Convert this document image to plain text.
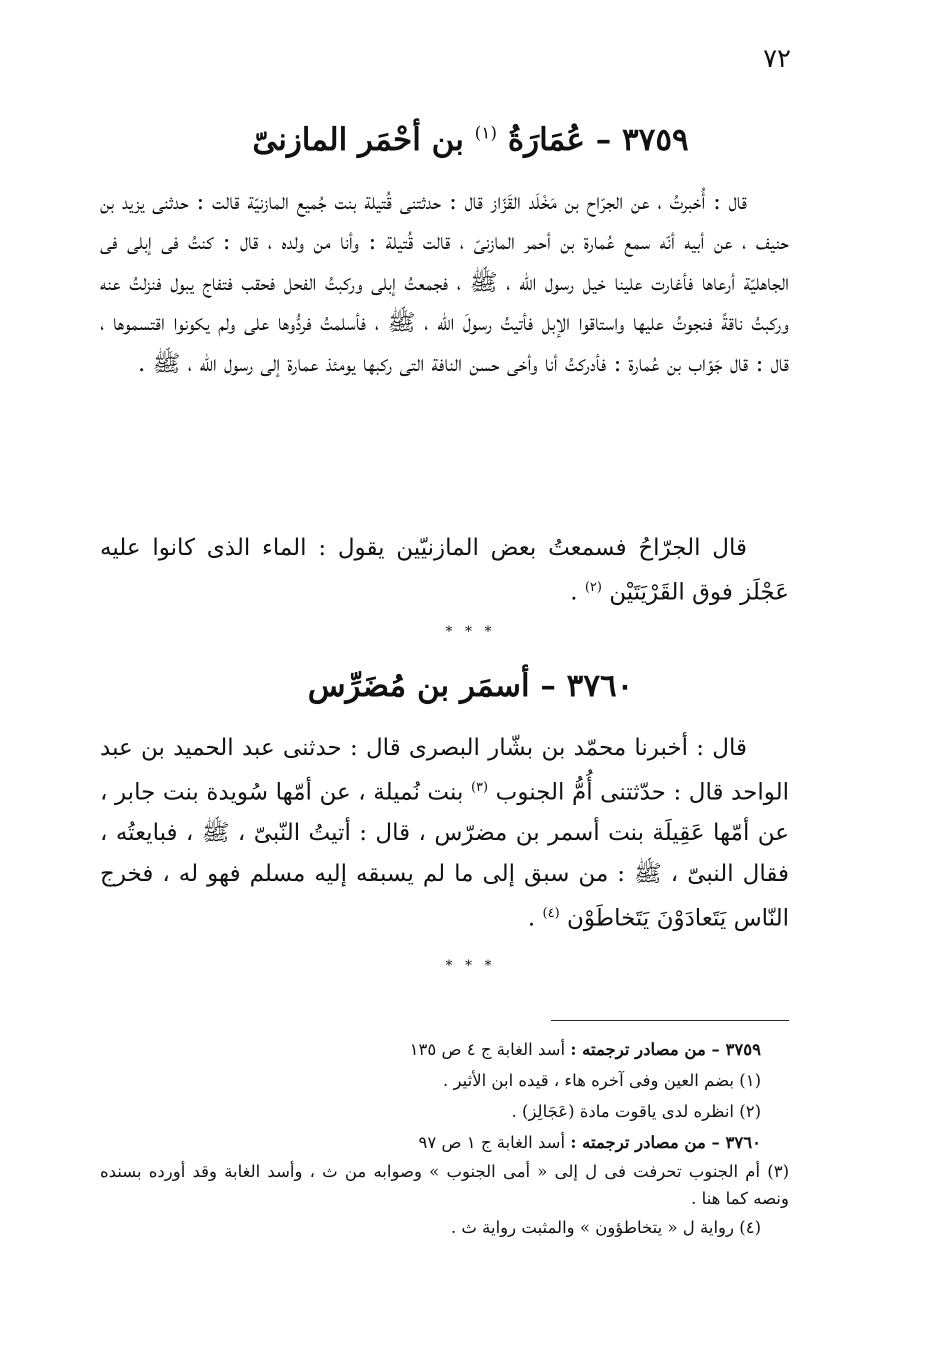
٧٢
٣٧٥٩ – عُمَارَةُ $^{(١)}$ بن أحْمَر المازنىّ

قال : أُخبرتُ ، عن الجرّاح بن مَخْلَد القَزّاز قال : حدثتنى قُتيلة بنت جُميع المازنيّة قالت : حدثنى يزيد بن حنيف ، عن أبيه أنّه سمع عُمارة بن أحمر المازنىّ ، قالت قُتيلة : وأنا من ولده ، قال : كنتُ فى إبلى فى الجاهليّة أرعاها فأغارت علينا خيل رسول الله ، ﷺ ، فجمعتُ إبلى وركبتُ الفحل فحقب فتفاج يبول فنزلتُ عنه وركبتُ ناقةً فنجوتُ عليها واستاقوا الإبل فأتيتُ رسولَ الله ، ﷺ ، فأسلمتُ فردُّوها على ولم يكونوا اقتسموها ، قال : قال جَوّاب بن عُمارة : فأدركتُ أنا وأخى حسن النافة التى ركبها يومئذ عمارة إلى رسول الله ، ﷺ .

قال الجرّاحُ فسمعتُ بعض المازنيّين يقول : الماء الذى كانوا عليه عَجْلَز فوق القَرْيَتَيْن $^{(٢)}$ .

* * *
٣٧٦٠ – أسمَر بن مُضَرِّس

قال : أخبرنا محمّد بن بشّار البصرى قال : حدثنى عبد الحميد بن عبد الواحد قال : حدّثتنى أُمُّ الجنوب $^{(٣)}$ بنت نُميلة ، عن أمّها سُويدة بنت جابر ، عن أمّها عَقِيلَة بنت أسمر بن مضرّس ، قال : أتيتُ النّبىّ ، ﷺ ، فبايعتُه ، فقال النبىّ ، ﷺ : من سبق إلى ما لم يسبقه إليه مسلم فهو له ، فخرج النّاس يَتَعادَوْنَ يَتَخاطَوْن $^{(٤)}$ .

* * *

٣٧٥٩ – من مصادر ترجمته : أسد الغابة ج ٤ ص ١٣٥

(١) بضم العين وفى آخره هاء ، قيده ابن الأثير .

(٢) انظره لدى ياقوت مادة (عَجَالِز) .

٣٧٦٠ – من مصادر ترجمته : أسد الغابة ج ١ ص ٩٧

(٣) أم الجنوب تحرفت فى ل إلى « أمى الجنوب » وصوابه من ث ، وأسد الغابة وقد أورده بسنده ونصه كما هنا .

(٤) رواية ل « يتخاطؤون » والمثبت رواية ث .
